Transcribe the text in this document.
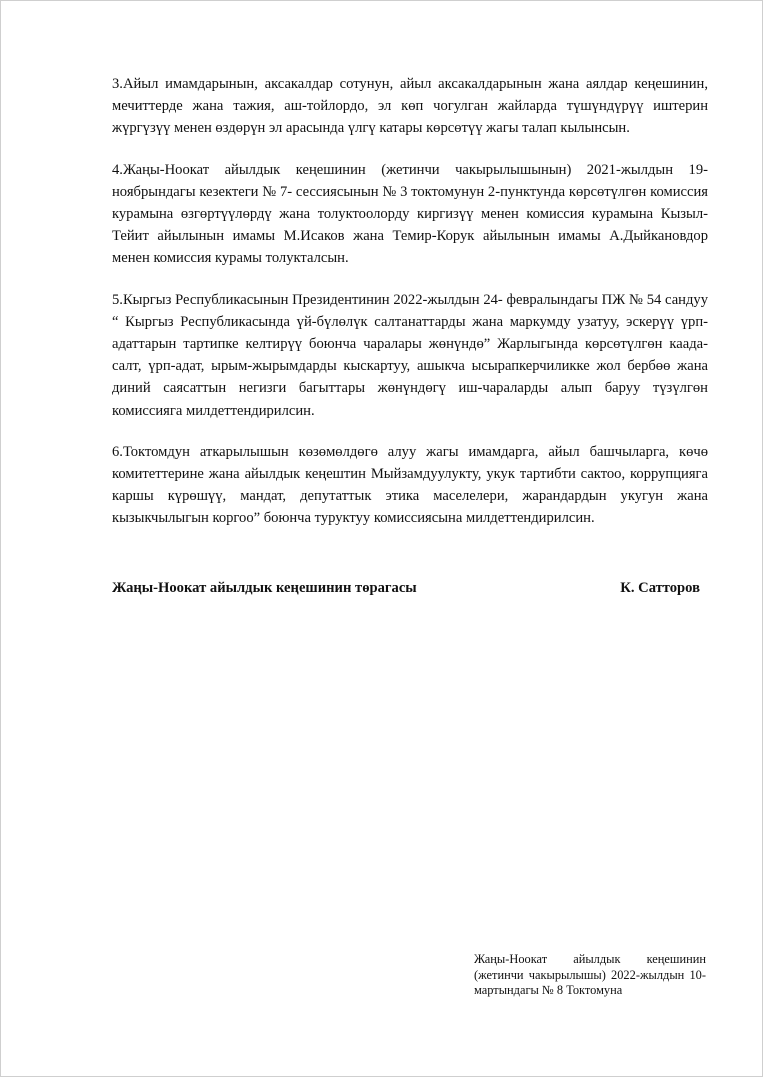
3.Айыл имамдарынын, аксакалдар сотунун, айыл аксакалдарынын жана аялдар кеңешинин, мечиттерде жана тажия, аш-тойлордо, эл көп чогулган жайларда түшүндүрүү иштерин жүргүзүү менен өздөрүн эл арасында үлгү катары көрсөтүү жагы талап кылынсын.

4.Жаңы-Ноокат айылдык кеңешинин (жетинчи чакырылышынын) 2021-жылдын 19-ноябрындагы кезектеги № 7- сессиясынын № 3 токтомунун 2-пунктунда көрсөтүлгөн комиссия курамына өзгөртүүлөрдү жана толуктоолорду киргизүү менен комиссия курамына Кызыл-Тейит айылынын имамы М.Исаков жана Темир-Корук айылынын имамы А.Дыйкановдор менен комиссия курамы толукталсын.

5.Кыргыз Республикасынын Президентинин 2022-жылдын 24- февралындагы ПЖ № 54 сандуу “ Кыргыз Республикасында үй-бүлөлүк салтанаттарды жана маркумду узатуу, эскерүү үрп-адаттарын тартипке келтирүү боюнча чаралары жөнүндө” Жарлыгында көрсөтүлгөн каада-салт, үрп-адат, ырым-жырымдарды кыскартуу, ашыкча ысырапкерчиликке жол бербөө жана диний саясаттын негизги багыттары жөнүндөгү иш-чараларды алып баруу түзүлгөн комиссияга милдеттендирилсин.

6.Токтомдун аткарылышын көзөмөлдөгө алуу жагы имамдарга, айыл башчыларга, көчө комитеттерине жана айылдык кеңештин Мыйзамдуулукту, укук тартибти сактоо, коррупцияга каршы күрөшүү, мандат, депутаттык этика маселелери, жарандардын укугун жана кызыкчылыгын коргоо” боюнча туруктуу комиссиясына милдеттендирилсин.

Жаңы-Ноокат айылдык кеңешинин төрагасы	К. Сатторов
Жаңы-Ноокат айылдык кеңешинин (жетинчи чакырылышы) 2022-жылдын 10-мартындагы № 8 Токтомуна
